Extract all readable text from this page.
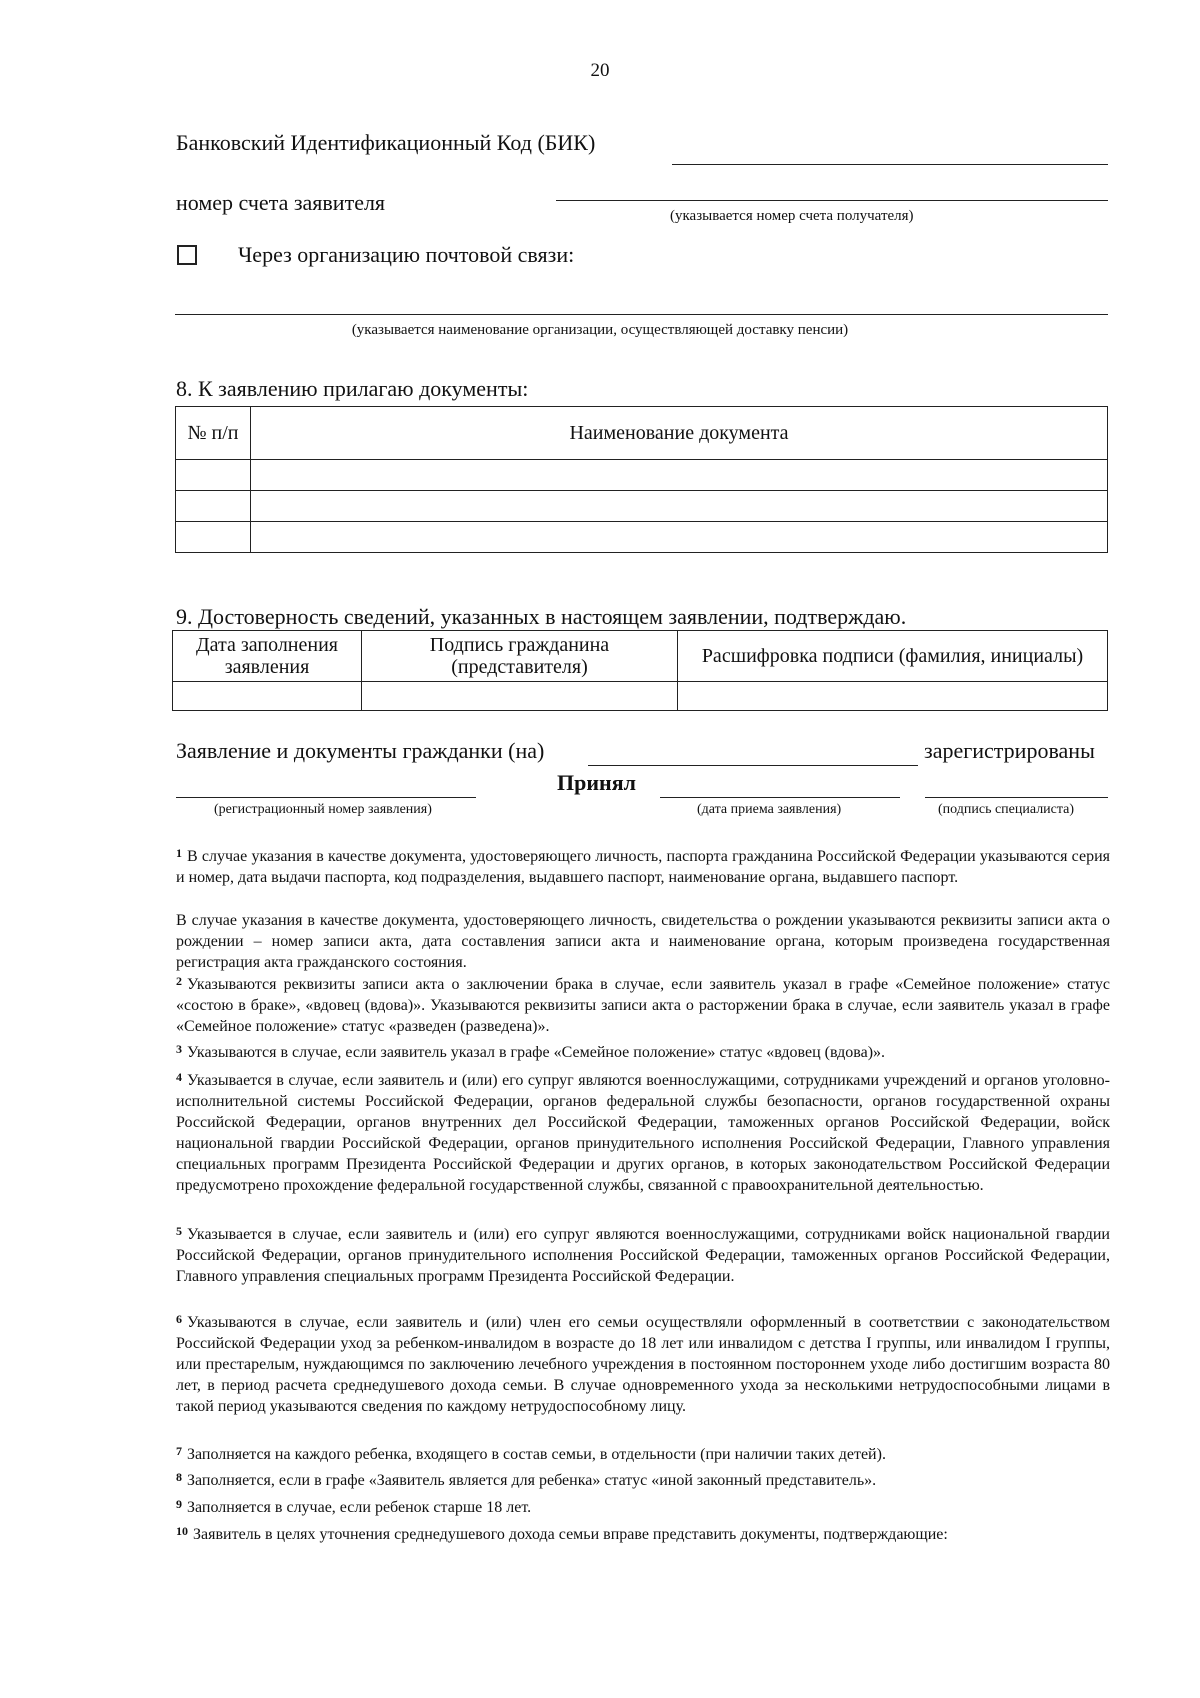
20
Банковский Идентификационный Код (БИК)
номер счета заявителя
(указывается номер счета получателя)
Через организацию почтовой связи:
(указывается наименование организации, осуществляющей доставку пенсии)
8. К заявлению прилагаю документы:
№ п/п	Наименование документа

9. Достоверность сведений, указанных в настоящем заявлении, подтверждаю.
Дата заполнения заявления	Подпись гражданина (представителя)	Расшифровка подписи (фамилия, инициалы)

Заявление и документы гражданки (на)	зарегистрированы
Принял
(регистрационный номер заявления)	(дата приема заявления)	(подпись специалиста)
$^1$ В случае указания в качестве документа, удостоверяющего личность, паспорта гражданина Российской Федерации указываются серия и номер, дата выдачи паспорта, код подразделения, выдавшего паспорт, наименование органа, выдавшего паспорт.
В случае указания в качестве документа, удостоверяющего личность, свидетельства о рождении указываются реквизиты записи акта о рождении – номер записи акта, дата составления записи акта и наименование органа, которым произведена государственная регистрация акта гражданского состояния.
$^2$ Указываются реквизиты записи акта о заключении брака в случае, если заявитель указал в графе «Семейное положение» статус «состою в браке», «вдовец (вдова)». Указываются реквизиты записи акта о расторжении брака в случае, если заявитель указал в графе «Семейное положение» статус «разведен (разведена)».
$^3$ Указываются в случае, если заявитель указал в графе «Семейное положение» статус «вдовец (вдова)».
$^4$ Указывается в случае, если заявитель и (или) его супруг являются военнослужащими, сотрудниками учреждений и органов уголовно-исполнительной системы Российской Федерации, органов федеральной службы безопасности, органов государственной охраны Российской Федерации, органов внутренних дел Российской Федерации, таможенных органов Российской Федерации, войск национальной гвардии Российской Федерации, органов принудительного исполнения Российской Федерации, Главного управления специальных программ Президента Российской Федерации и других органов, в которых законодательством Российской Федерации предусмотрено прохождение федеральной государственной службы, связанной с правоохранительной деятельностью.
$^5$ Указывается в случае, если заявитель и (или) его супруг являются военнослужащими, сотрудниками войск национальной гвардии Российской Федерации, органов принудительного исполнения Российской Федерации, таможенных органов Российской Федерации, Главного управления специальных программ Президента Российской Федерации.
$^6$ Указываются в случае, если заявитель и (или) член его семьи осуществляли оформленный в соответствии с законодательством Российской Федерации уход за ребенком-инвалидом в возрасте до 18 лет или инвалидом с детства I группы, или инвалидом I группы, или престарелым, нуждающимся по заключению лечебного учреждения в постоянном постороннем уходе либо достигшим возраста 80 лет, в период расчета среднедушевого дохода семьи. В случае одновременного ухода за несколькими нетрудоспособными лицами в такой период указываются сведения по каждому нетрудоспособному лицу.
$^7$ Заполняется на каждого ребенка, входящего в состав семьи, в отдельности (при наличии таких детей).
$^8$ Заполняется, если в графе «Заявитель является для ребенка» статус «иной законный представитель».
$^9$ Заполняется в случае, если ребенок старше 18 лет.
$^{10}$ Заявитель в целях уточнения среднедушевого дохода семьи вправе представить документы, подтверждающие:
